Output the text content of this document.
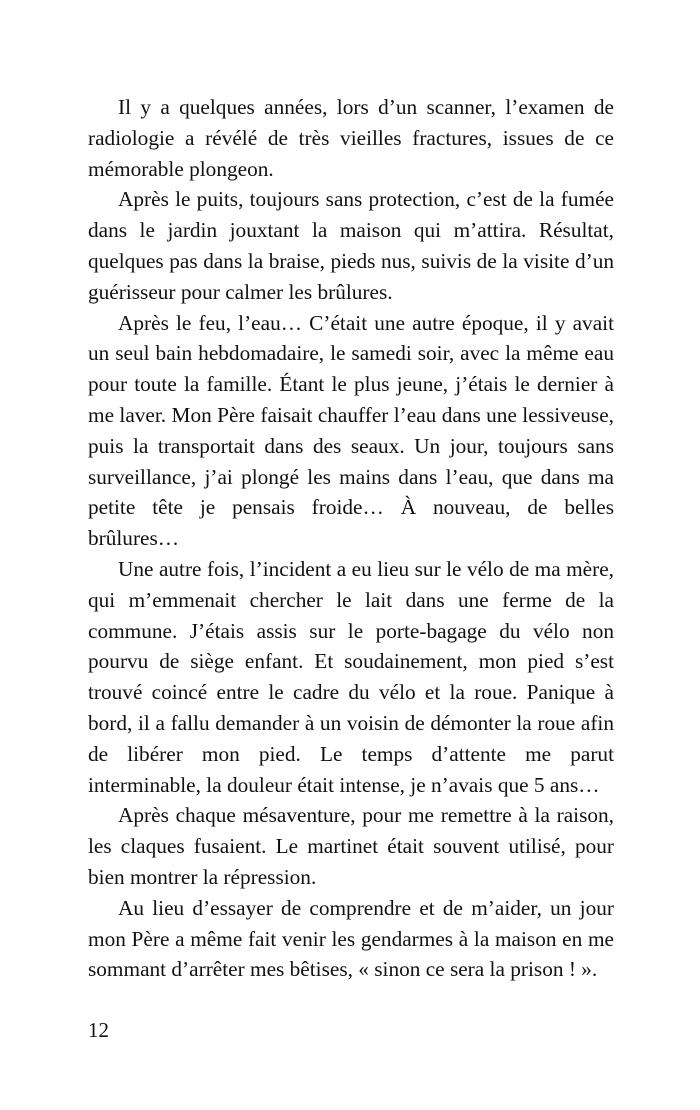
Il y a quelques années, lors d’un scanner, l’examen de radiologie a révélé de très vieilles fractures, issues de ce mémorable plongeon.

Après le puits, toujours sans protection, c’est de la fumée dans le jardin jouxtant la maison qui m’attira. Résultat, quelques pas dans la braise, pieds nus, suivis de la visite d’un guérisseur pour calmer les brûlures.

Après le feu, l’eau… C’était une autre époque, il y avait un seul bain hebdomadaire, le samedi soir, avec la même eau pour toute la famille. Étant le plus jeune, j’étais le dernier à me laver. Mon Père faisait chauffer l’eau dans une lessiveuse, puis la transportait dans des seaux. Un jour, toujours sans surveillance, j’ai plongé les mains dans l’eau, que dans ma petite tête je pensais froide… À nouveau, de belles brûlures…

Une autre fois, l’incident a eu lieu sur le vélo de ma mère, qui m’emmenait chercher le lait dans une ferme de la commune. J’étais assis sur le porte-bagage du vélo non pourvu de siège enfant. Et soudainement, mon pied s’est trouvé coincé entre le cadre du vélo et la roue. Panique à bord, il a fallu demander à un voisin de démonter la roue afin de libérer mon pied. Le temps d’attente me parut interminable, la douleur était intense, je n’avais que 5 ans…

Après chaque mésaventure, pour me remettre à la raison, les claques fusaient. Le martinet était souvent utilisé, pour bien montrer la répression.

Au lieu d’essayer de comprendre et de m’aider, un jour mon Père a même fait venir les gendarmes à la maison en me sommant d’arrêter mes bêtises, « sinon ce sera la prison ! ».

12
